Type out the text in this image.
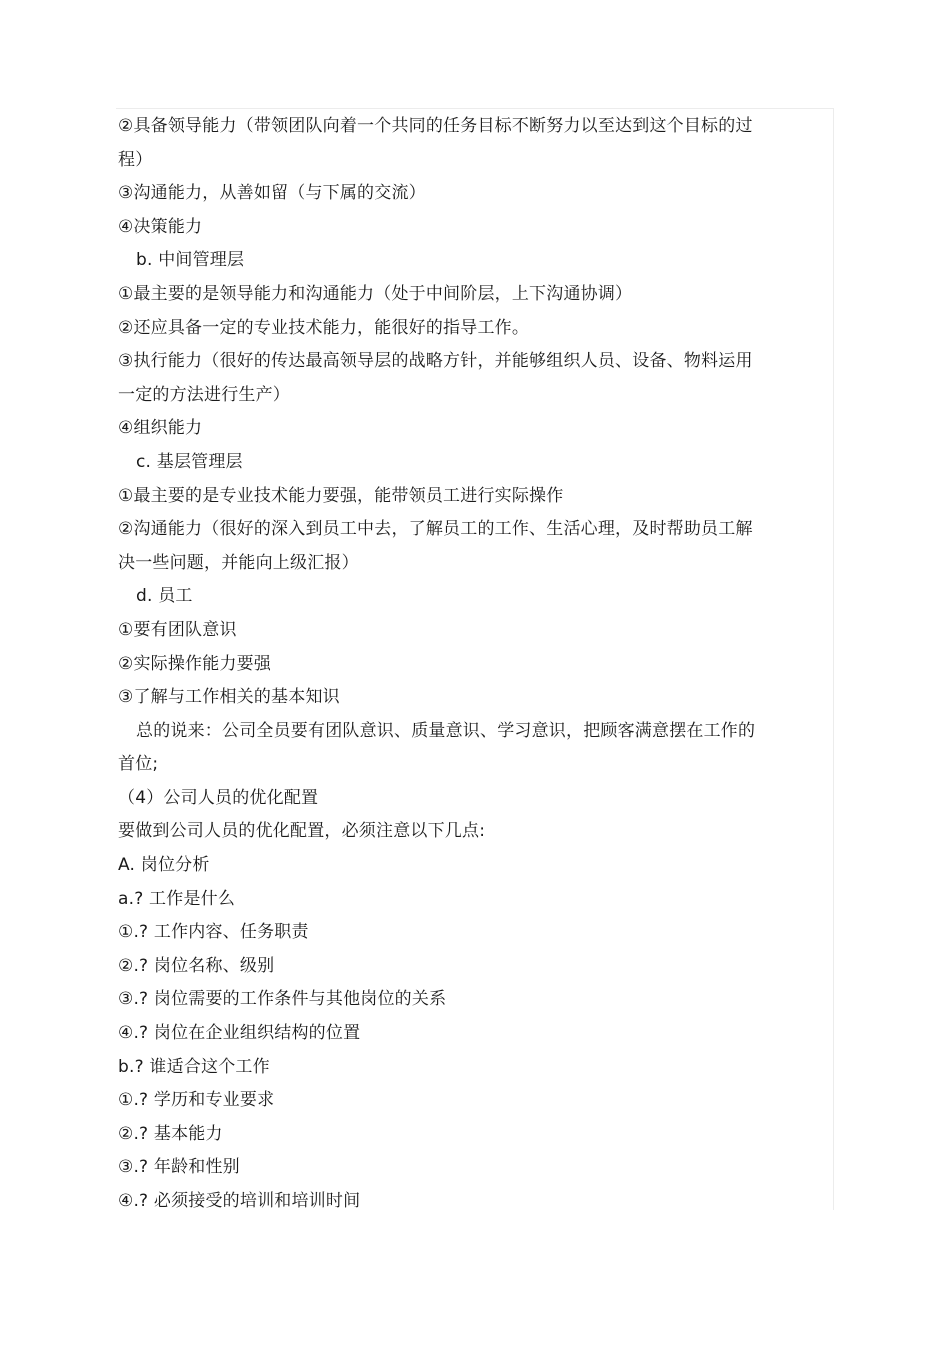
②具备领导能力（带领团队向着一个共同的任务目标不断努力以至达到这个目标的过
程）
③沟通能力，从善如留（与下属的交流）
④决策能力
b. 中间管理层
①最主要的是领导能力和沟通能力（处于中间阶层，上下沟通协调）
②还应具备一定的专业技术能力，能很好的指导工作。
③执行能力（很好的传达最高领导层的战略方针，并能够组织人员、设备、物料运用
一定的方法进行生产）
④组织能力
c. 基层管理层
①最主要的是专业技术能力要强，能带领员工进行实际操作
②沟通能力（很好的深入到员工中去，了解员工的工作、生活心理，及时帮助员工解
决一些问题，并能向上级汇报）
d. 员工
①要有团队意识
②实际操作能力要强
③了解与工作相关的基本知识
总的说来：公司全员要有团队意识、质量意识、学习意识，把顾客满意摆在工作的
首位;
（4）公司人员的优化配置
要做到公司人员的优化配置，必须注意以下几点:
A. 岗位分析
a.? 工作是什么
①.? 工作内容、任务职责
②.? 岗位名称、级别
③.? 岗位需要的工作条件与其他岗位的关系
④.? 岗位在企业组织结构的位置
b.? 谁适合这个工作
①.? 学历和专业要求
②.? 基本能力
③.? 年龄和性别
④.? 必须接受的培训和培训时间
